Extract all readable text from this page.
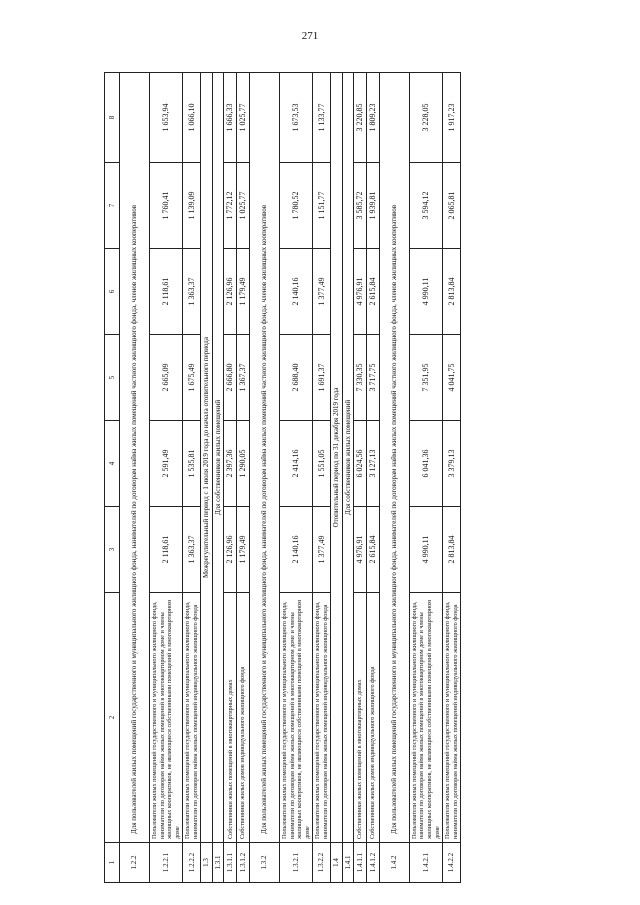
271
1	2	3	4	5	6	7	8
1.2.2	Для пользователей жилых помещений государственного и муниципального жилищного фонда, нанимателей по договорам найма жилых помещений частного жилищного фонда, членов жилищных кооперативов						
1.2.2.1	Пользователи жилых помещений государственного и муниципального жилищного фонда, наниматели по договорам найма жилых помещений в многоквартирном доме и члены жилищных кооперативов, не являющиеся собственниками помещений в многоквартирном доме	2 118,61	2 591,49	2 665,09	2 118,61	1 760,41	1 653,94
1.2.2.2	Пользователи жилых помещений государственного и муниципального жилищного фонда, наниматели по договорам найма жилых помещений индивидуального жилищного фонда	1 363,37	1 535,81	1 675,49	1 363,37	1 139,09	1 066,10
1.3	Межрегулительный период с 1 июля 2019 года до начала отопительного периода						
1.3.1	Для собственников жилых помещений						
1.3.1.1	Собственники жилых помещений в многоквартирных домах	2 126,96	2 397,36	2 666,80	2 126,96	1 772,12	1 666,33
1.3.1.2	Собственники жилых домов индивидуального жилищного фонда	1 179,49	1 290,05	1 367,37	1 179,49	1 025,77	1 025,77
1.3.2	Для пользователей жилых помещений государственного и муниципального жилищного фонда, нанимателей по договорам найма жилых помещений частного жилищного фонда, членов жилищных кооперативов						
1.3.2.1	Пользователи жилых помещений государственного и муниципального жилищного фонда, наниматели по договорам найма жилых помещений в многоквартирном доме и члены жилищных кооперативов, не являющиеся собственниками помещений в многоквартирном доме	2 140,16	2 414,16	2 688,40	2 140,16	1 780,52	1 673,53
1.3.2.2	Пользователи жилых помещений государственного и муниципального жилищного фонда, наниматели по договорам найма жилых помещений индивидуального жилищного фонда	1 377,49	1 551,05	1 691,37	1 377,49	1 151,77	1 133,77
1.4	Отопительный период по 31 декабря 2019 года						
1.4.1	Для собственников жилых помещений						
1.4.1.1	Собственники жилых помещений в многоквартирных домах	4 976,91	6 024,56	7 330,35	4 976,91	3 585,72	3 220,85
1.4.1.2	Собственники жилых домов индивидуального жилищного фонда	2 615,84	3 127,13	3 717,75	2 615,84	1 939,81	1 809,23
1.4.2	Для пользователей жилых помещений государственного и муниципального жилищного фонда, нанимателей по договорам найма жилых помещений частного жилищного фонда, членов жилищных кооперативов						
1.4.2.1	Пользователи жилых помещений государственного и муниципального жилищного фонда, наниматели по договорам найма жилых помещений в многоквартирном доме и члены жилищных кооперативов, не являющиеся собственниками помещений в многоквартирном доме	4 990,11	6 041,36	7 351,95	4 990,11	3 594,12	3 228,05
1.4.2.2	Пользователи жилых помещений государственного и муниципального жилищного фонда, наниматели по договорам найма жилых помещений индивидуального жилищного фонда	2 813,84	3 379,13	4 041,75	2 813,84	2 065,81	1 917,23
